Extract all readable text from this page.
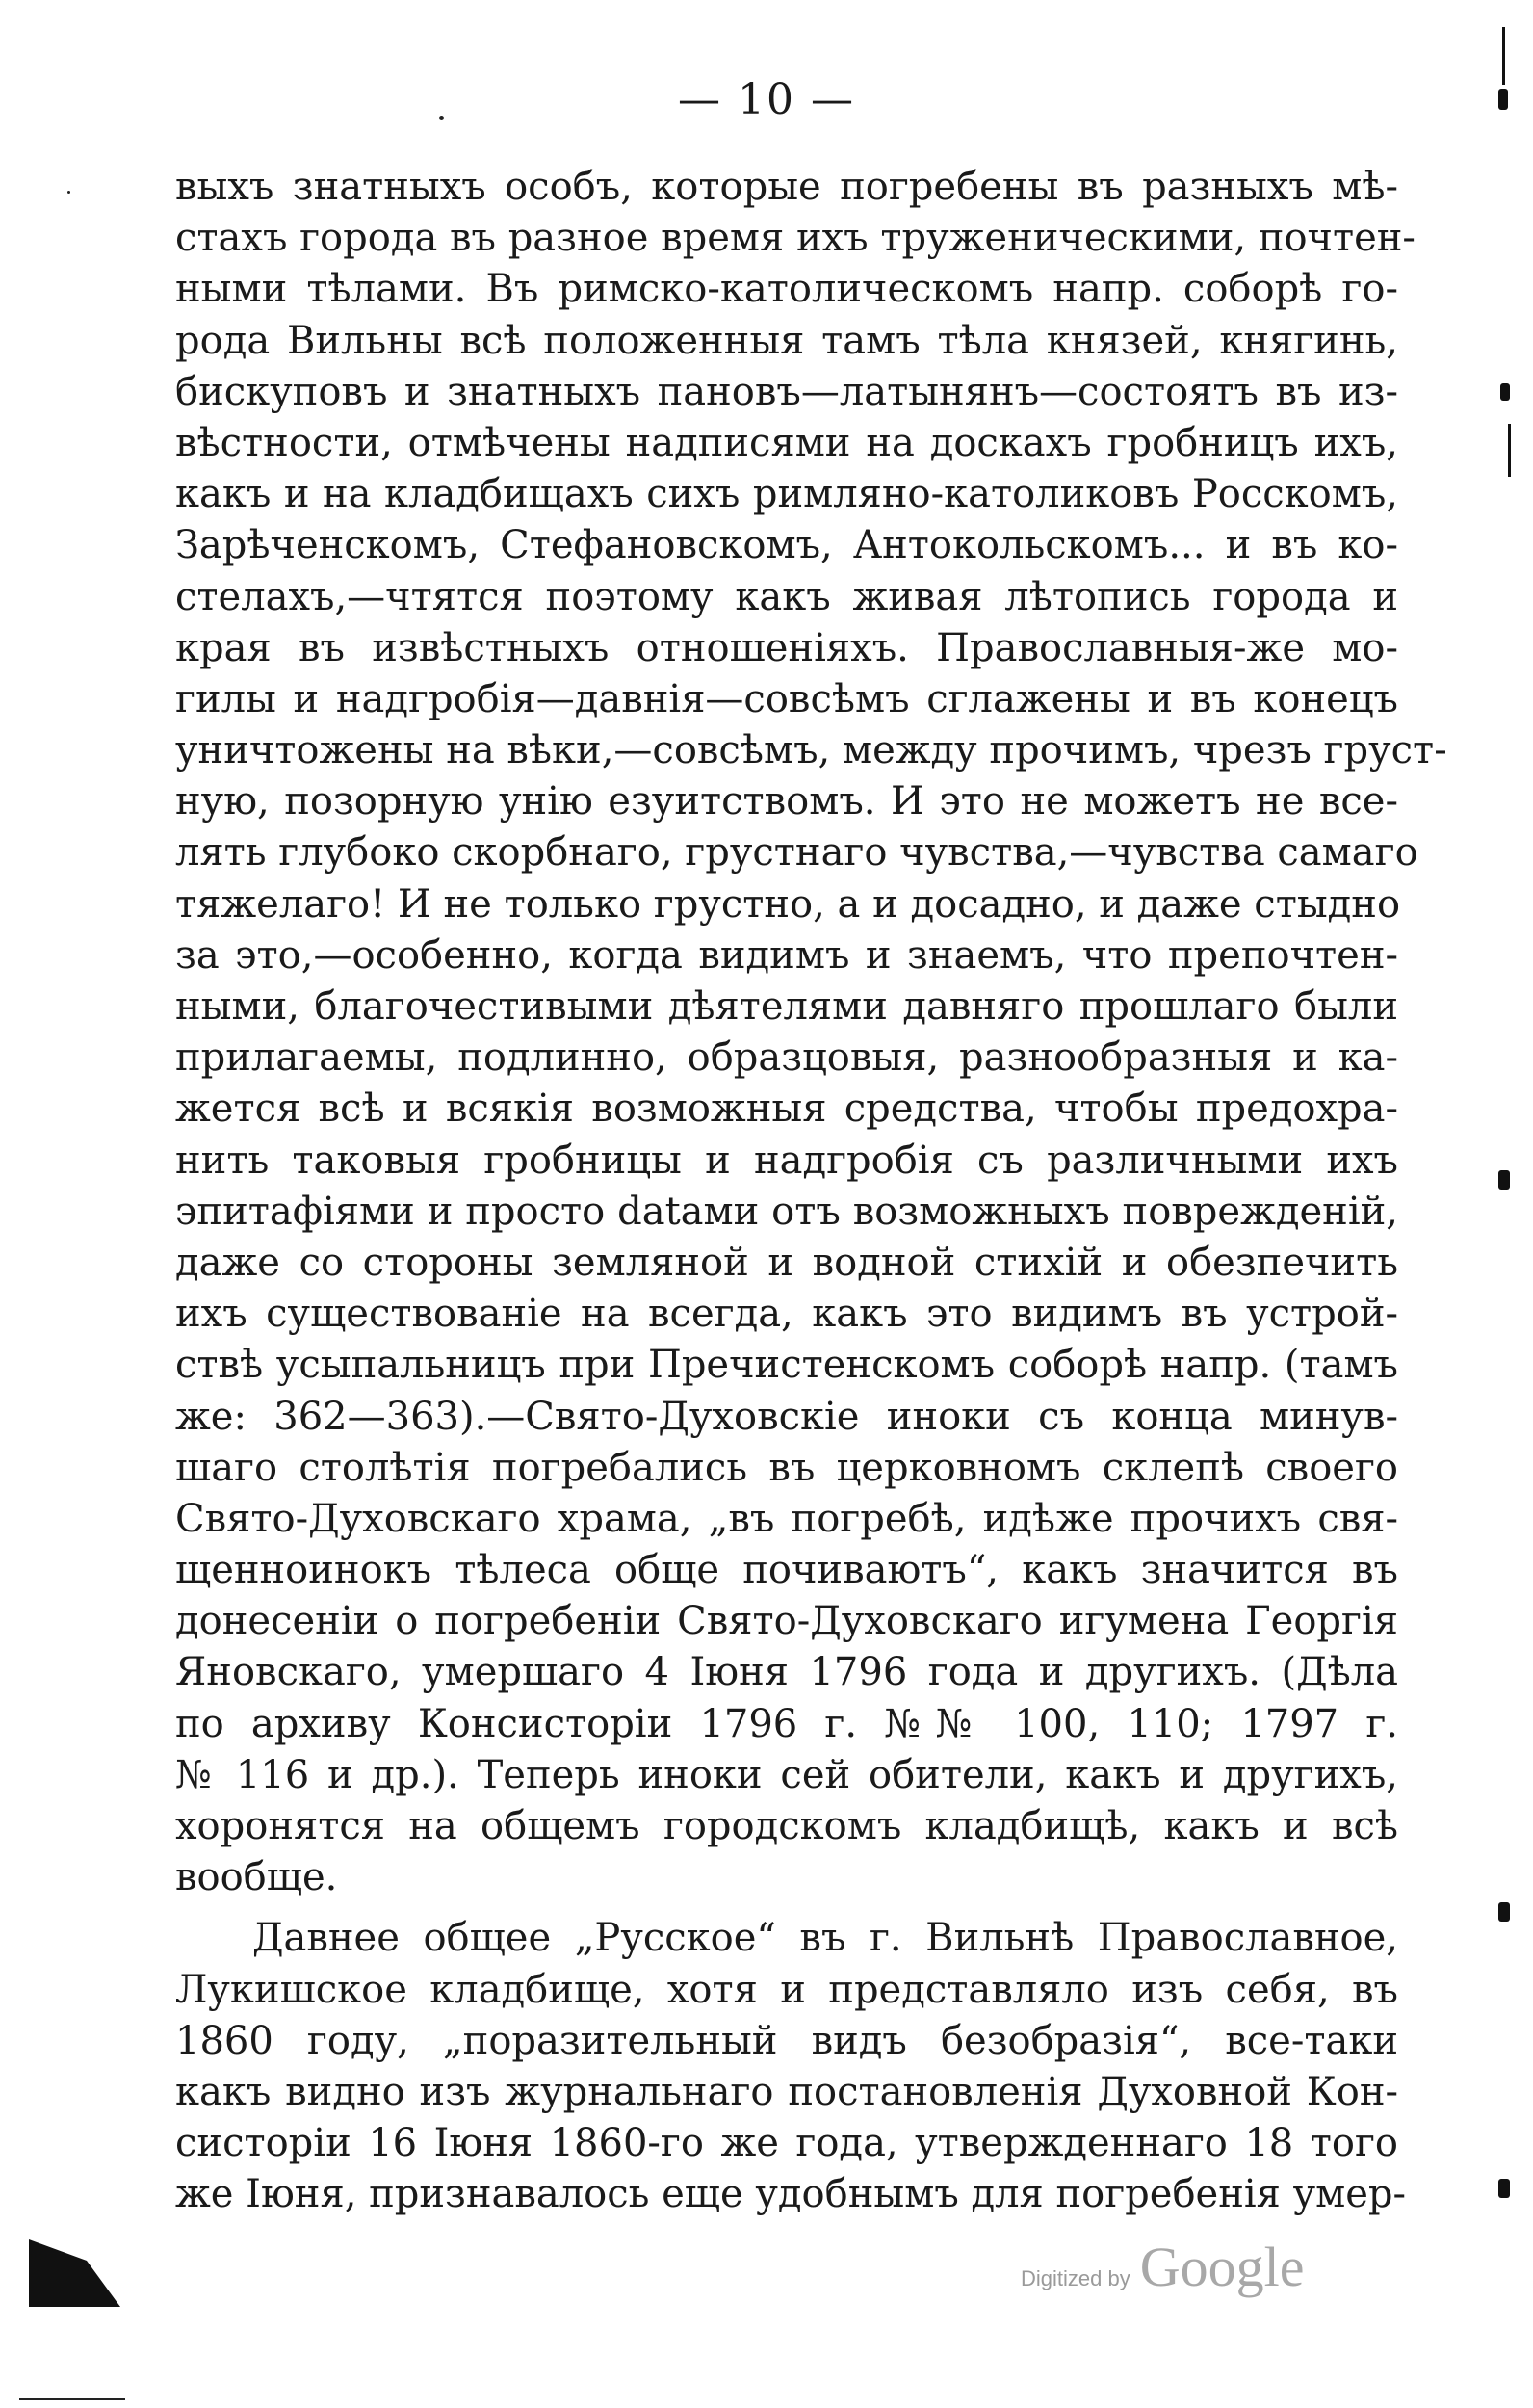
— 10 —
выхъ знатныхъ особъ, которые погребены въ разныхъ мѣ-
стахъ города въ разное время ихъ труженическими, почтен-
ными тѣлами. Въ римско-католическомъ напр. соборѣ го-
рода Вильны всѣ положенныя тамъ тѣла князей, княгинь,
бискуповъ и знатныхъ пановъ—латынянъ—состоятъ въ из-
вѣстности, отмѣчены надписями на доскахъ гробницъ ихъ,
какъ и на кладбищахъ сихъ римляно-католиковъ Росскомъ,
Зарѣченскомъ, Стефановскомъ, Антокольскомъ... и въ ко-
стелахъ,—чтятся поэтому какъ живая лѣтопись города и
края въ извѣстныхъ отношеніяхъ. Православныя-же мо-
гилы и надгробія—давнія—совсѣмъ сглажены и въ конецъ
уничтожены на вѣки,—совсѣмъ, между прочимъ, чрезъ груст-
ную, позорную унію езуитствомъ. И это не можетъ не все-
лять глубоко скорбнаго, грустнаго чувства,—чувства самаго
тяжелаго! И не только грустно, а и досадно, и даже стыдно
за это,—особенно, когда видимъ и знаемъ, что препочтен-
ными, благочестивыми дѣятелями давняго прошлаго были
прилагаемы, подлинно, образцовыя, разнообразныя и ка-
жется всѣ и всякія возможныя средства, чтобы предохра-
нить таковыя гробницы и надгробія съ различными ихъ
эпитафіями и просто datами отъ возможныхъ поврежденій,
даже со стороны земляной и водной стихій и обезпечить
ихъ существованіе на всегда, какъ это видимъ въ устрой-
ствѣ усыпальницъ при Пречистенскомъ соборѣ напр. (тамъ
же: 362—363).—Свято-Духовскіе иноки съ конца минув-
шаго столѣтія погребались въ церковномъ склепѣ своего
Свято-Духовскаго храма, „въ погребѣ, идѣже прочихъ свя-
щенноинокъ тѣлеса обще почиваютъ“, какъ значится въ
донесеніи о погребеніи Свято-Духовскаго игумена Георгія
Яновскаго, умершаго 4 Іюня 1796 года и другихъ. (Дѣла
по архиву Консисторіи 1796 г. №№ 100, 110; 1797 г.
№ 116 и др.). Теперь иноки сей обители, какъ и другихъ,
хоронятся на общемъ городскомъ кладбищѣ, какъ и всѣ
вообще.
Давнее общее „Русское“ въ г. Вильнѣ Православное,
Лукишское кладбище, хотя и представляло изъ себя, въ
1860 году, „поразительный видъ безобразія“, все-таки
какъ видно изъ журнальнаго постановленія Духовной Кон-
систоріи 16 Іюня 1860-го же года, утвержденнаго 18 того
же Іюня, признавалось еще удобнымъ для погребенія умер-
Digitized by Google
